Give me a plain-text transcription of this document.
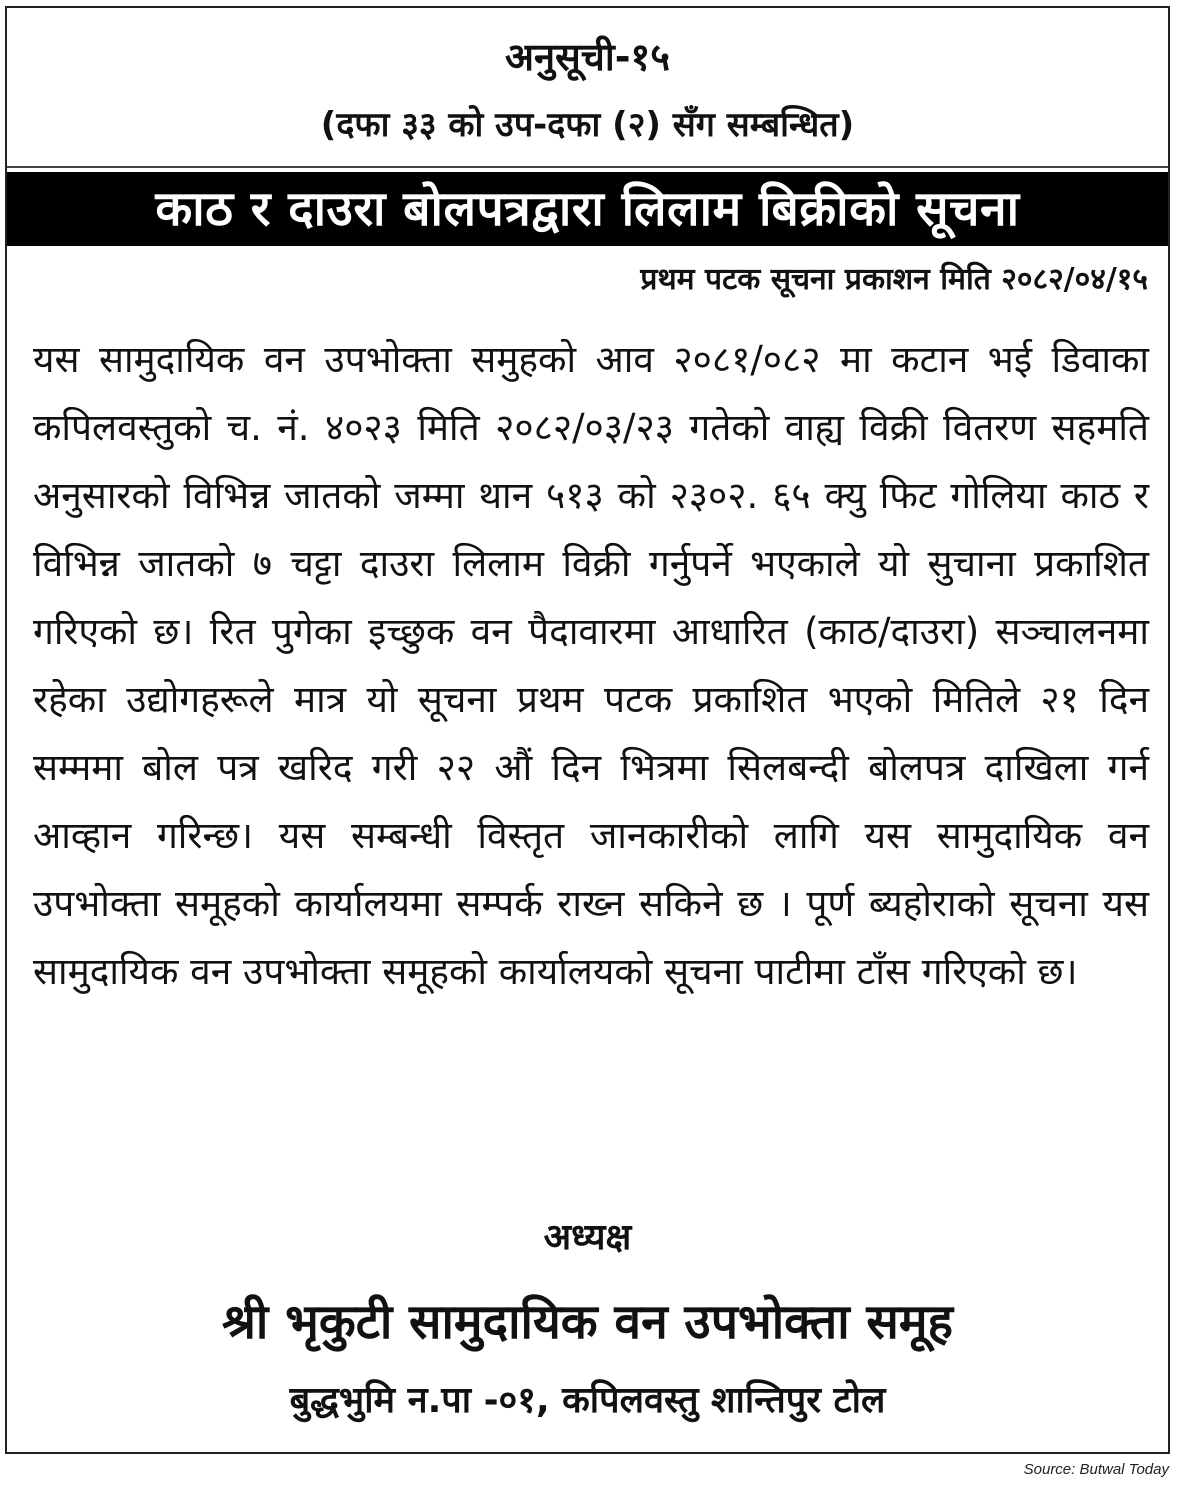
अनुसूची-१५
(दफा ३३ को उप-दफा (२) सँग सम्बन्धित)
काठ र दाउरा बोलपत्रद्वारा लिलाम बिक्रीको सूचना
प्रथम पटक सूचना प्रकाशन मिति २०८२/०४/१५

यस सामुदायिक वन उपभोक्ता समुहको आव २०८१/०८२ मा कटान भई डिवाका कपिलवस्तुको च. नं. ४०२३ मिति २०८२/०३/२३ गतेको वाह्य विक्री वितरण सहमति अनुसारको विभिन्न जातको जम्मा थान ५१३ को २३०२. ६५ क्यु फिट गोलिया काठ र विभिन्न जातको ७ चट्टा दाउरा लिलाम विक्री गर्नुपर्ने भएकाले यो सुचाना प्रकाशित गरिएको छ। रित पुगेका इच्छुक वन पैदावारमा आधारित (काठ/दाउरा) सञ्चालनमा रहेका उद्योगहरूले मात्र यो सूचना प्रथम पटक प्रकाशित भएको मितिले २१ दिन सम्ममा बोल पत्र खरिद गरी २२ औं दिन भित्रमा सिलबन्दी बोलपत्र दाखिला गर्न आव्हान गरिन्छ। यस सम्बन्धी विस्तृत जानकारीको लागि यस सामुदायिक वन उपभोक्ता समूहको कार्यालयमा सम्पर्क राख्न सकिने छ । पूर्ण ब्यहोराको सूचना यस सामुदायिक वन उपभोक्ता समूहको कार्यालयको सूचना पाटीमा टाँस गरिएको छ।

अध्यक्ष
श्री भृकुटी सामुदायिक वन उपभोक्ता समूह
बुद्धभुमि न.पा -०१, कपिलवस्तु शान्तिपुर टोल
Source: Butwal Today
